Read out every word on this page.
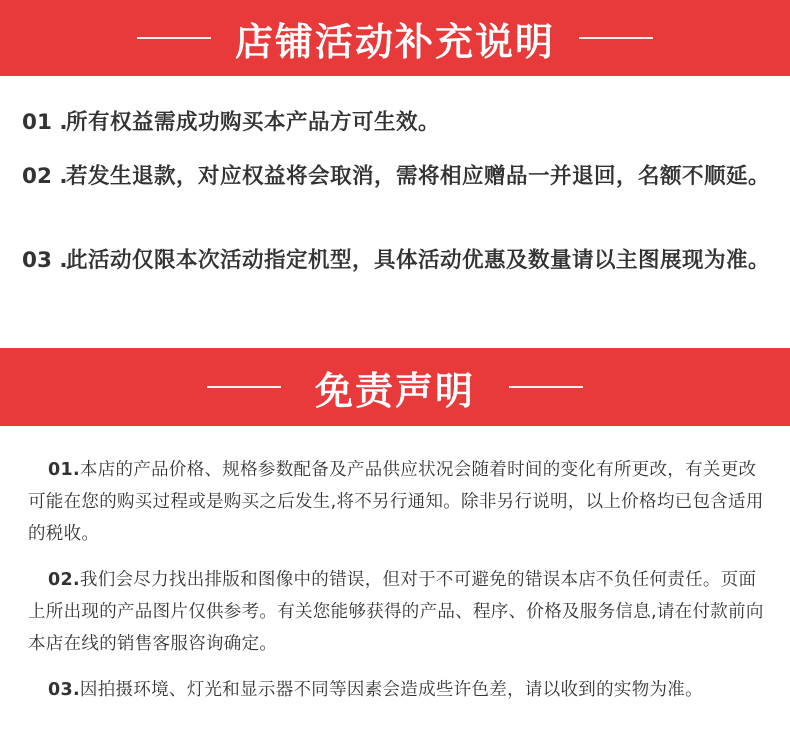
店铺活动补充说明
01 .
所有权益需成功购买本产品方可生效。
02 .
若发生退款，对应权益将会取消，需将相应赠品一并退回，名额不顺延。
03 .
此活动仅限本次活动指定机型，具体活动优惠及数量请以主图展现为准。
免责声明

01.本店的产品价格、规格参数配备及产品供应状况会随着时间的变化有所更改，有关更改可能在您的购买过程或是购买之后发生,将不另行通知。除非另行说明，以上价格均已包含适用的税收。

02.我们会尽力找出排版和图像中的错误，但对于不可避免的错误本店不负任何责任。页面上所出现的产品图片仅供参考。有关您能够获得的产品、程序、价格及服务信息,请在付款前向本店在线的销售客服咨询确定。

03.因拍摄环境、灯光和显示器不同等因素会造成些许色差，请以收到的实物为准。
